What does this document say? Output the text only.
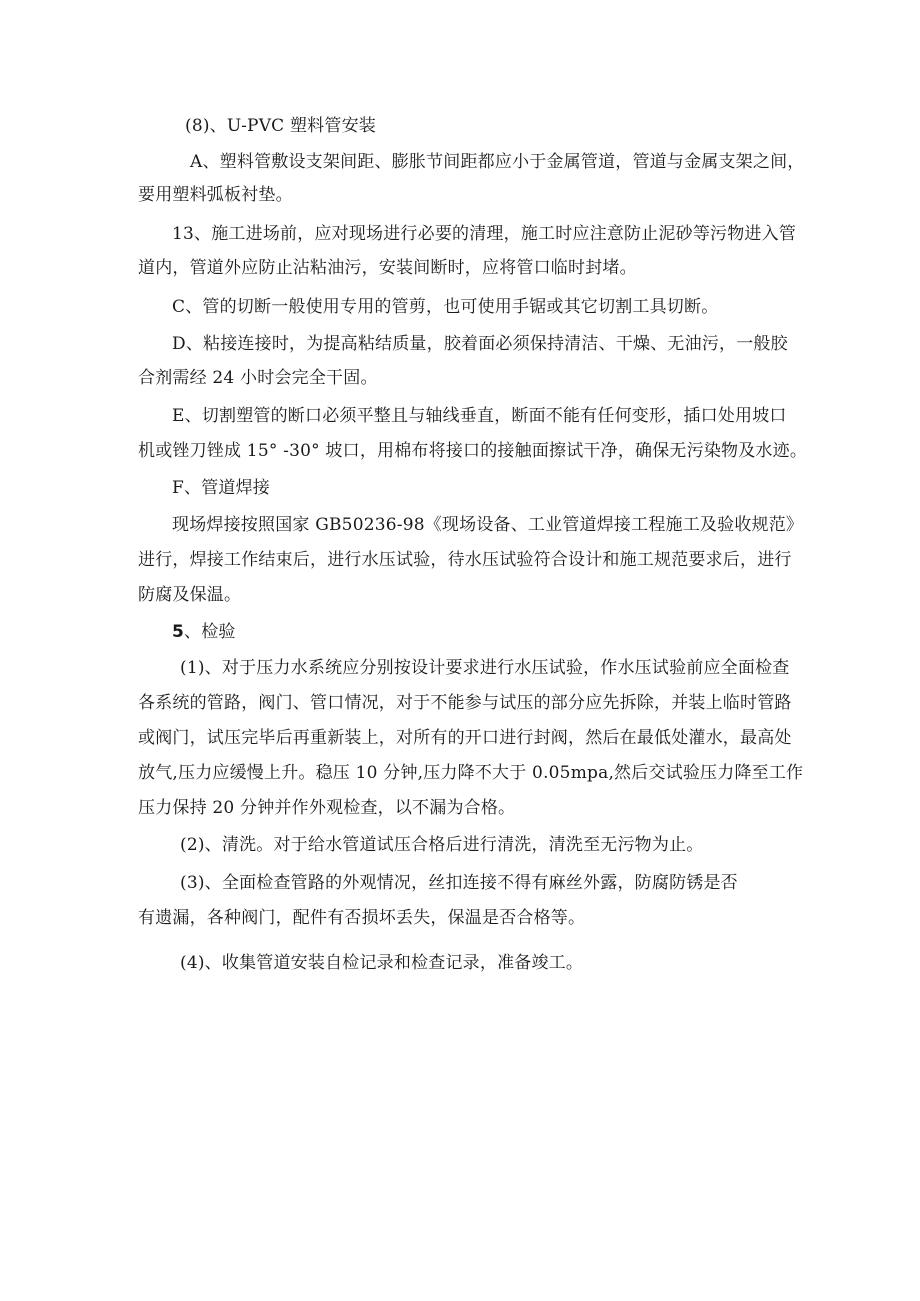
(8)、U-PVC 塑料管安装
A、塑料管敷设支架间距、膨胀节间距都应小于金属管道，管道与金属支架之间，
要用塑料弧板衬垫。
13、施工进场前，应对现场进行必要的清理，施工时应注意防止泥砂等污物进入管
道内，管道外应防止沾粘油污，安装间断时，应将管口临时封堵。
C、管的切断一般使用专用的管剪，也可使用手锯或其它切割工具切断。
D、粘接连接时，为提高粘结质量，胶着面必须保持清洁、干燥、无油污，一般胶
合剂需经 24 小时会完全干固。
E、切割塑管的断口必须平整且与轴线垂直，断面不能有任何变形，插口处用坡口
机或锉刀锉成 15° -30° 坡口，用棉布将接口的接触面擦试干净，确保无污染物及水迹。
F、管道焊接
现场焊接按照国家 GB50236-98《现场设备、工业管道焊接工程施工及验收规范》
进行，焊接工作结束后，进行水压试验，待水压试验符合设计和施工规范要求后，进行
防腐及保温。
5、检验
(1)、对于压力水系统应分别按设计要求进行水压试验，作水压试验前应全面检查
各系统的管路，阀门、管口情况，对于不能参与试压的部分应先拆除，并装上临时管路
或阀门，试压完毕后再重新装上，对所有的开口进行封阀，然后在最低处灌水，最高处
放气,压力应缓慢上升。稳压 10 分钟,压力降不大于 0.05mpa,然后交试验压力降至工作
压力保持 20 分钟并作外观检查，以不漏为合格。
(2)、清洗。对于给水管道试压合格后进行清洗，清洗至无污物为止。
(3)、全面检查管路的外观情况，丝扣连接不得有麻丝外露，防腐防锈是否
有遗漏，各种阀门，配件有否损坏丢失，保温是否合格等。
(4)、收集管道安装自检记录和检查记录，准备竣工。
